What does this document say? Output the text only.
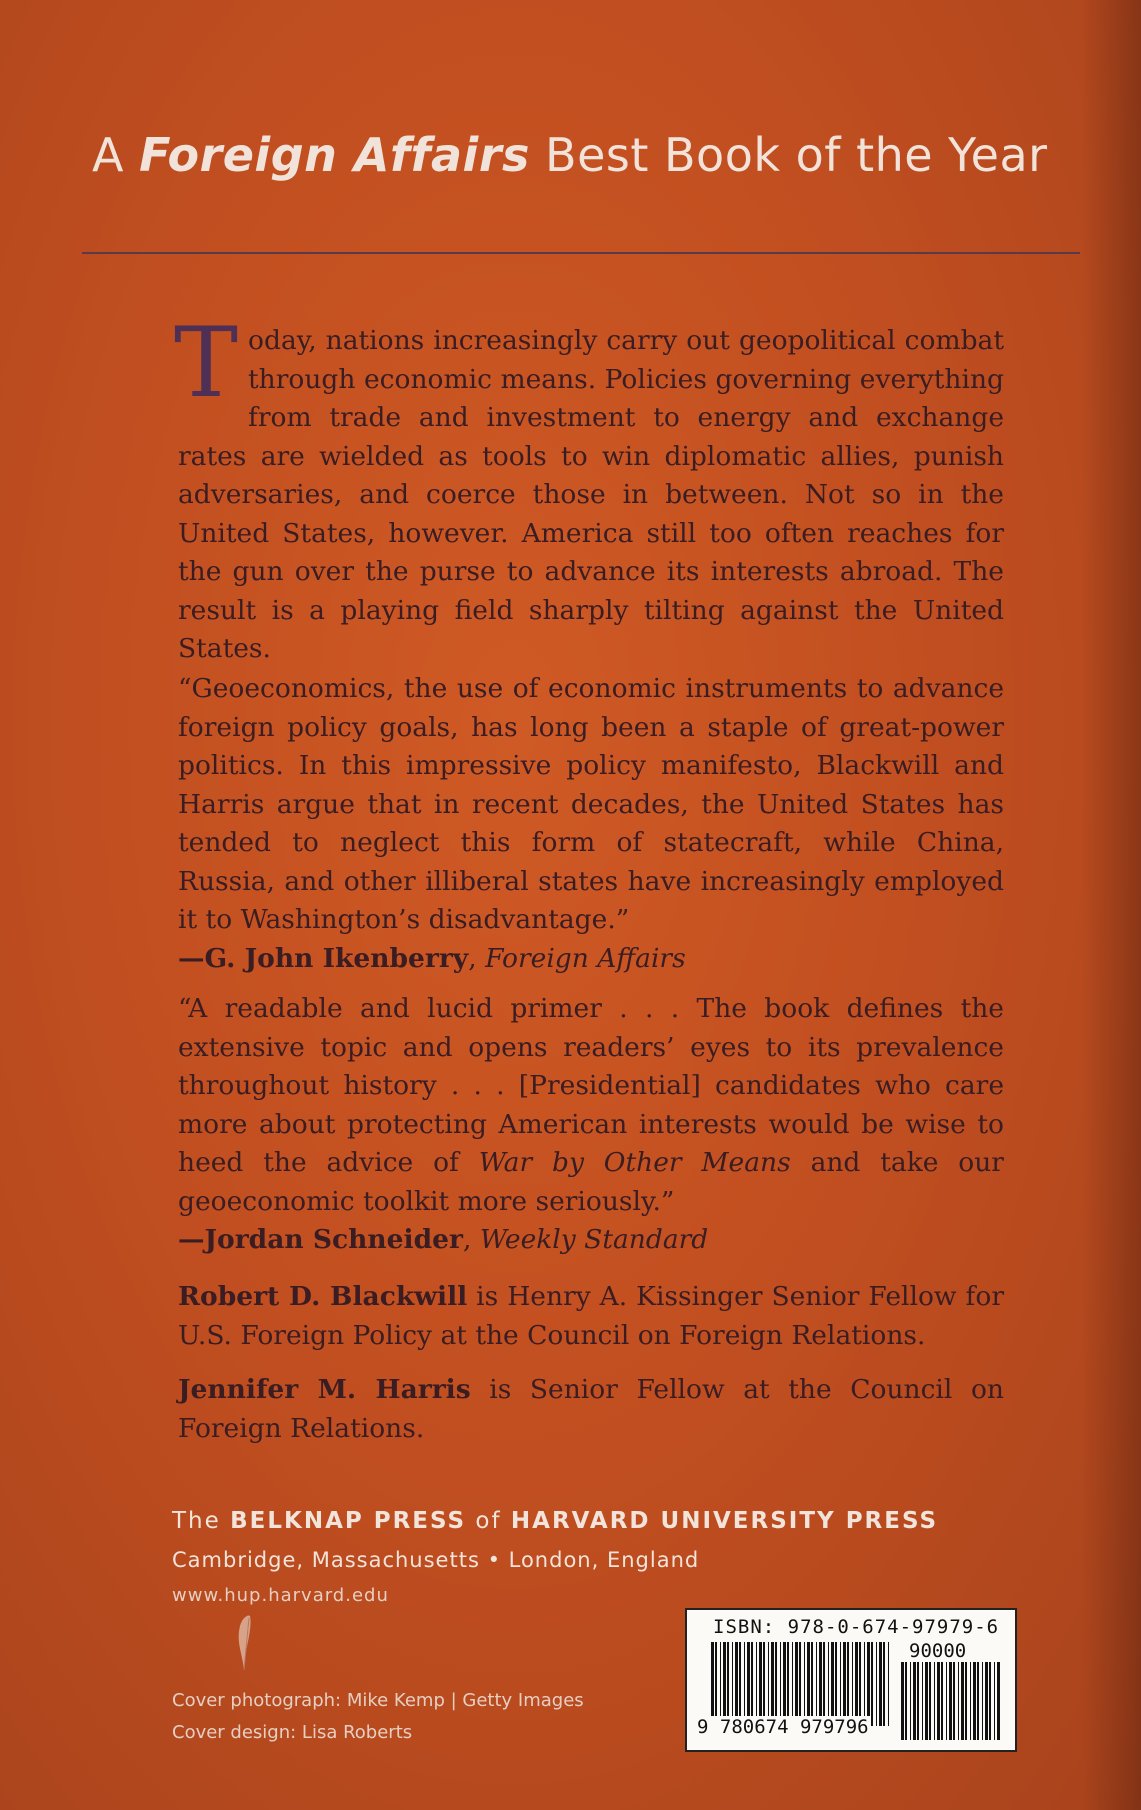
A Foreign Affairs Best Book of the Year

Today, nations increasingly carry out geopolitical combat through economic means. Policies governing everything from trade and investment to energy and exchange rates are wielded as tools to win diplomatic allies, punish adversaries, and coerce those in between. Not so in the United States, however. America still too often reaches for the gun over the purse to advance its interests abroad. The result is a playing field sharply tilting against the United States.

“Geoeconomics, the use of economic instruments to advance foreign policy goals, has long been a staple of great-power politics. In this impressive policy manifesto, Blackwill and Harris argue that in recent decades, the United States has tended to neglect this form of statecraft, while China, Russia, and other illiberal states have increasingly employed it to Washington’s disadvantage.”
—G. John Ikenberry, Foreign Affairs

“A readable and lucid primer . . . The book defines the extensive topic and opens readers’ eyes to its prevalence throughout history . . . [Presidential] candidates who care more about protecting American interests would be wise to heed the advice of War by Other Means and take our geoeconomic toolkit more seriously.”
—Jordan Schneider, Weekly Standard

Robert D. Blackwill is Henry A. Kissinger Senior Fellow for U.S. Foreign Policy at the Council on Foreign Relations.

Jennifer M. Harris is Senior Fellow at the Council on Foreign Relations.

The BELKNAP PRESS of HARVARD UNIVERSITY PRESS
Cambridge, Massachusetts • London, England
www.hup.harvard.edu
Cover photograph: Mike Kemp | Getty Images
Cover design: Lisa Roberts
ISBN: 978-0-674-97979-6
90000
9 780674 979796
